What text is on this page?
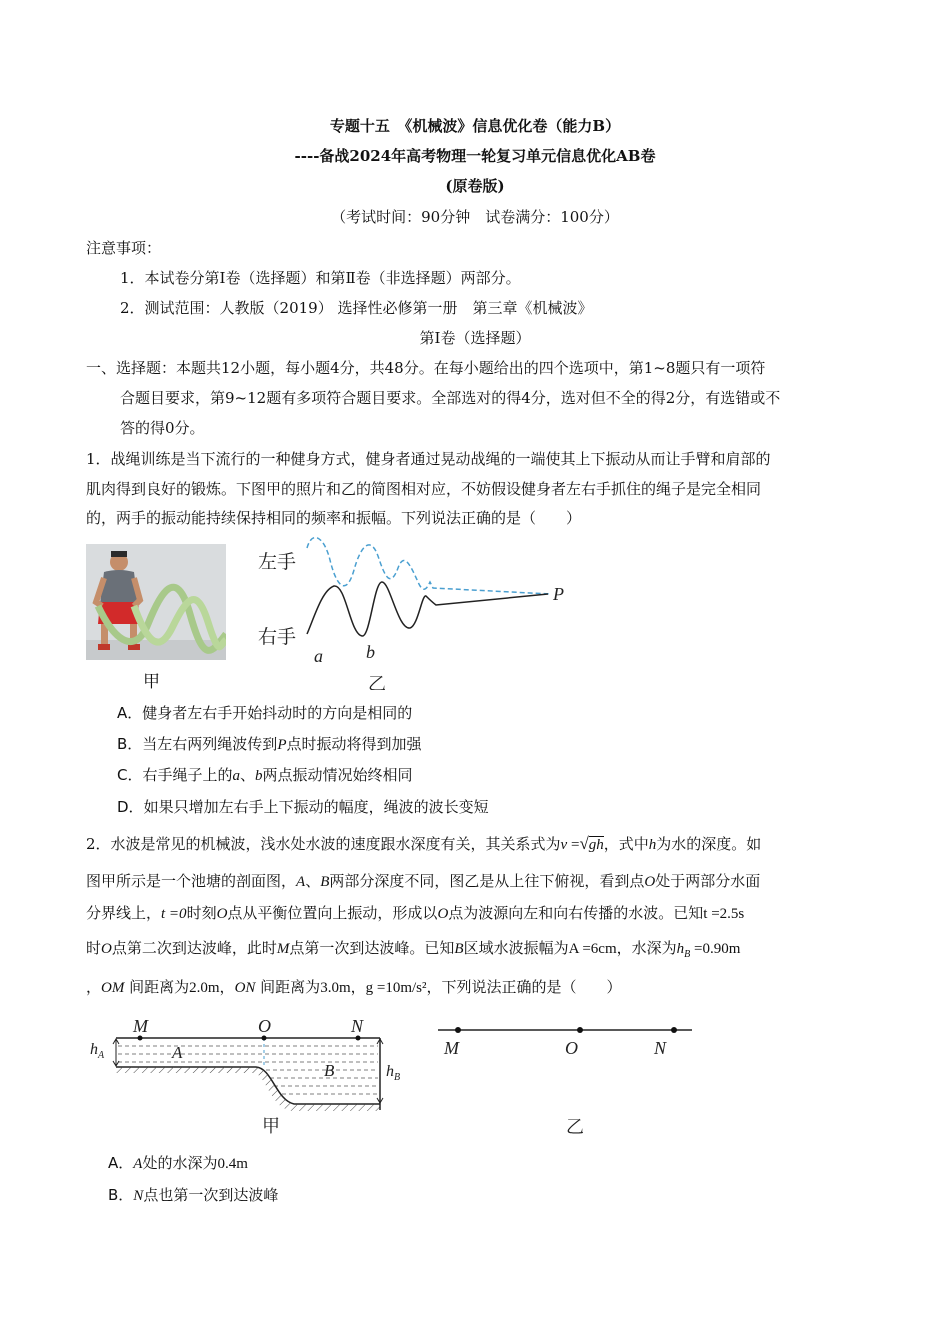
专题十五　《机械波》信息优化卷（能力B）
----备战2024年高考物理一轮复习单元信息优化AB卷
(原卷版)
（考试时间：90分钟　试卷满分：100分）
注意事项：
1．本试卷分第Ⅰ卷（选择题）和第Ⅱ卷（非选择题）两部分。
2．测试范围：人教版（2019） 选择性必修第一册　第三章《机械波》
第Ⅰ卷（选择题）
一、选择题：本题共12小题，每小题4分，共48分。在每小题给出的四个选项中，第1~8题只有一项符
合题目要求，第9~12题有多项符合题目要求。全部选对的得4分，选对但不全的得2分，有选错或不
答的得0分。
1．战绳训练是当下流行的一种健身方式，健身者通过晃动战绳的一端使其上下振动从而让手臂和肩部的
肌肉得到良好的锻炼。下图甲的照片和乙的简图相对应，不妨假设健身者左右手抓住的绳子是完全相同
的，两手的振动能持续保持相同的频率和振幅。下列说法正确的是（　　）
甲
左手
右手
P
a b
乙
A．健身者左右手开始抖动时的方向是相同的
B．当左右两列绳波传到P点时振动将得到加强
C．右手绳子上的a、b两点振动情况始终相同
D．如果只增加左右手上下振动的幅度，绳波的波长变短
2．水波是常见的机械波，浅水处水波的速度跟水深度有关，其关系式为v =√gh，式中h为水的深度。如
图甲所示是一个池塘的剖面图，A、B两部分深度不同，图乙是从上往下俯视，看到点O处于两部分水面
分界线上，t =0时刻O点从平衡位置向上振动，形成以O点为波源向左和向右传播的水波。已知t =2.5s
时O点第二次到达波峰，此时M点第一次到达波峰。已知B区域水波振幅为A =6cm，水深为$h_B =0.90m$
，OM 间距离为2.0m，ON 间距离为3.0m，g =10m/s²，下列说法正确的是（　　）
M	O	N
A
B
$h_A$
$h_B$
甲
M	O	N
乙
A．A处的水深为0.4m
B．N点也第一次到达波峰
